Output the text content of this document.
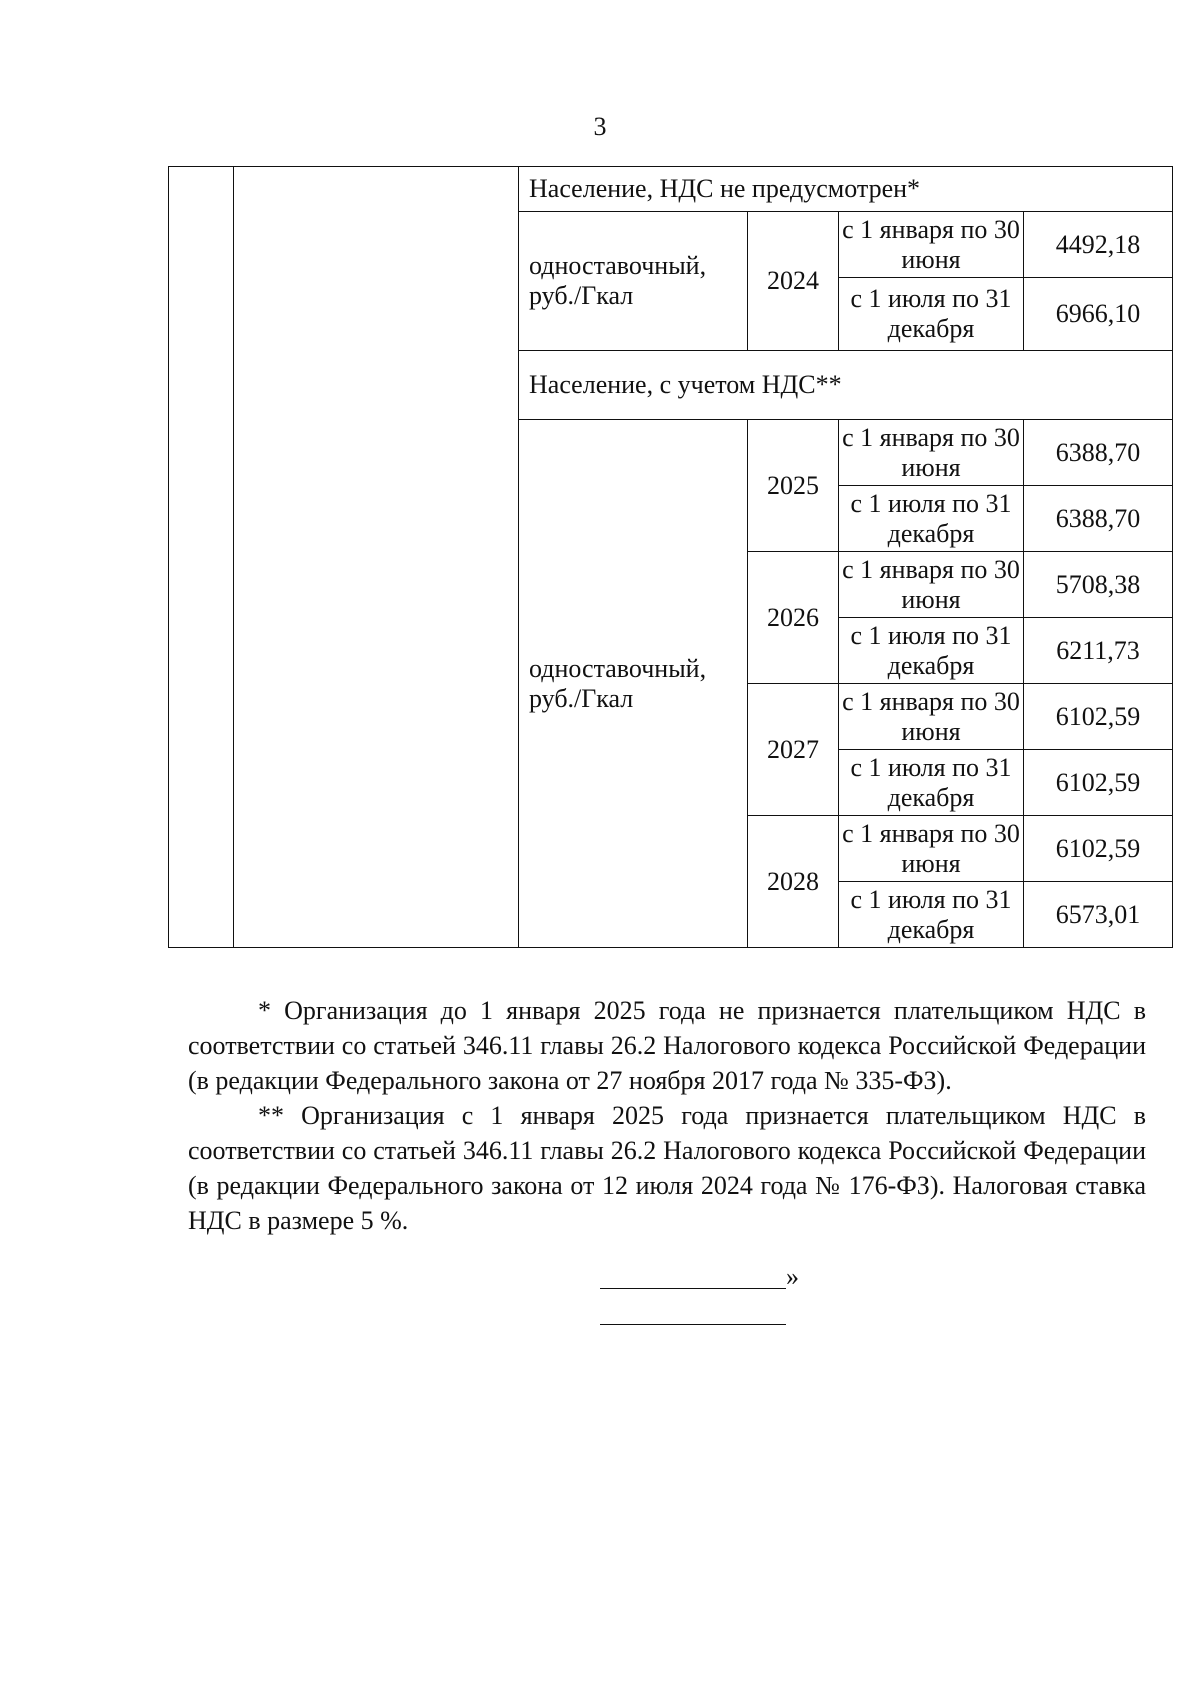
3
		Население, НДС не предусмотрен*			
		одноставочный, руб./Гкал	2024	с 1 января по 30 июня	4492,18
				с 1 июля по 31 декабря	6966,10
		Население, с учетом НДС**			
		одноставочный, руб./Гкал	2025	с 1 января по 30 июня	6388,70
				с 1 июля по 31 декабря	6388,70
			2026	с 1 января по 30 июня	5708,38
				с 1 июля по 31 декабря	6211,73
			2027	с 1 января по 30 июня	6102,59
				с 1 июля по 31 декабря	6102,59
			2028	с 1 января по 30 июня	6102,59
				с 1 июля по 31 декабря	6573,01

* Организация до 1 января 2025 года не признается плательщиком НДС в соответствии со статьей 346.11 главы 26.2 Налогового кодекса Российской Федерации (в редакции Федерального закона от 27 ноября 2017 года № 335-ФЗ).

** Организация с 1 января 2025 года признается плательщиком НДС в соответствии со статьей 346.11 главы 26.2 Налогового кодекса Российской Федерации (в редакции Федерального закона от 12 июля 2024 года № 176-ФЗ). Налоговая ставка НДС в размере 5 %.

»
